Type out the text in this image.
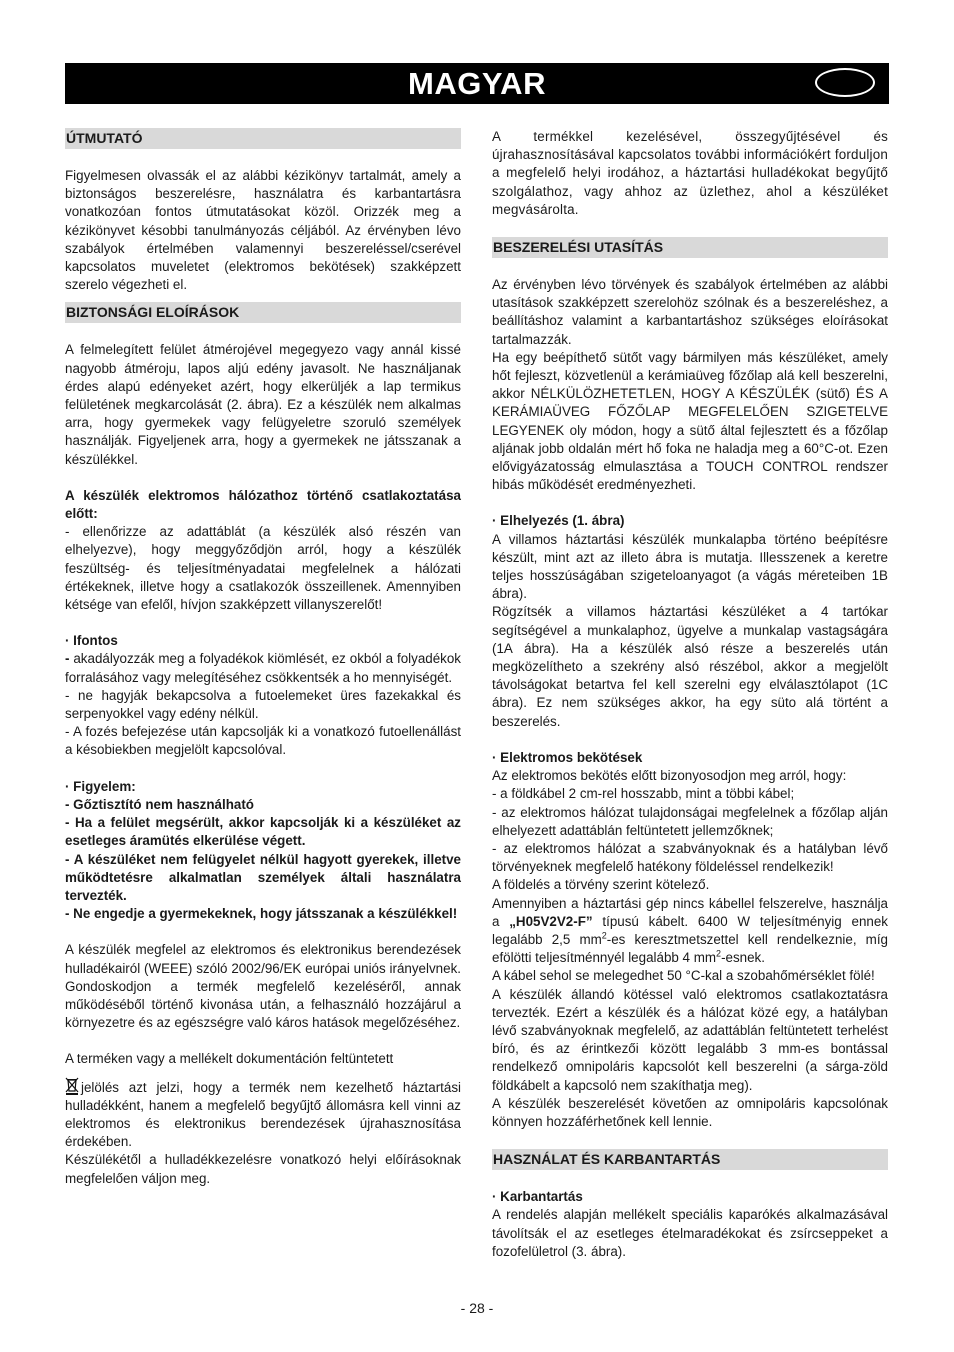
MAGYAR
ÚTMUTATÓ

Figyelmesen olvassák el az alábbi kézikönyv tartalmát, amely a biztonságos beszerelésre, használatra és karbantartásra vonatkozóan fontos útmutatásokat közöl. Orizzék meg a kézikönyvet késobbi tanulmányozás céljából. Az érvényben lévo szabályok értelmében valamennyi beszereléssel/cserével kapcsolatos muveletet (elektromos bekötések) szakképzett szerelo végezheti el.

BIZTONSÁGI ELOÍRÁSOK

A felmelegített felület átmérojével megegyezo vagy annál kissé nagyobb átméroju, lapos aljú edény javasolt. Ne használjanak érdes alapú edényeket azért, hogy elkerüljék a lap termikus felületének megkarcolását (2. ábra). Ez a készülék nem alkalmas arra, hogy gyermekek vagy felügyeletre szoruló személyek használják. Figyeljenek arra, hogy a gyermekek ne játsszanak a készülékkel.

A készülék elektromos hálózathoz történő csatlakoztatása előtt:

- ellenőrizze az adattáblát (a készülék alsó részén van elhelyezve), hogy meggyőződjön arról, hogy a készülék feszültség- és teljesítményadatai megfelelnek a hálózati értékeknek, illetve hogy a csatlakozók összeillenek. Amennyiben kétsége van efelől, hívjon szakképzett villanyszerelőt!

· Ifontos

- akadályozzák meg a folyadékok kiömlését, ez okból a folyadékok forralásához vagy melegítéséhez csökkentsék a ho mennyiségét.

- ne hagyják bekapcsolva a futoelemeket üres fazekakkal és serpenyokkel vagy edény nélkül.

- A fozés befejezése után kapcsolják ki a vonatkozó futoellenállást a késobiekben megjelölt kapcsolóval.

· Figyelem:

- Gőztisztító nem használható

- Ha a felület megsérült, akkor kapcsolják ki a készüléket az esetleges áramütés elkerülése végett.

- A készüléket nem felügyelet nélkül hagyott gyerekek, illetve működtetésre alkalmatlan személyek általi használatra tervezték.

- Ne engedje a gyermekeknek, hogy játsszanak a készülékkel!

A készülék megfelel az elektromos és elektronikus berendezések hulladékairól (WEEE) szóló 2002/96/EK európai uniós irányelvnek. Gondoskodjon a termék megfelelő kezeléséről, annak működéséből történő kivonása után, a felhasználó hozzájárul a környezetre és az egészségre való káros hatások megelőzéséhez.

A terméken vagy a mellékelt dokumentáción feltüntetett

jelölés azt jelzi, hogy a termék nem kezelhető háztartási hulladékként, hanem a megfelelő begyűjtő állomásra kell vinni az elektromos és elektronikus berendezések újrahasznosítása érdekében.

Készülékétől a hulladékkezelésre vonatkozó helyi előírásoknak megfelelően váljon meg.

A termékkel kezelésével, összegyűjtésével és újrahasznosításával kapcsolatos további információkért forduljon a megfelelő helyi irodához, a háztartási hulladékokat begyűjtő szolgálathoz, vagy ahhoz az üzlethez, ahol a készüléket megvásárolta.

BESZERELÉSI UTASÍTÁS

Az érvényben lévo törvények és szabályok értelmében az alábbi utasítások szakképzett szerelohöz szólnak és a beszereléshez, a beállításhoz valamint a karbantartáshoz szükséges eloírásokat tartalmazzák.

Ha egy beépíthető sütőt vagy bármilyen más készüléket, amely hőt fejleszt, közvetlenül a kerámiaüveg főzőlap alá kell beszerelni, akkor NÉLKÜLÖZHETETLEN, HOGY A KÉSZÜLÉK (sütő) ÉS A KERÁMIAÜVEG FŐZŐLAP MEGFELELŐEN SZIGETELVE LEGYENEK oly módon, hogy a sütő által fejlesztett és a főzőlap aljának jobb oldalán mért hő foka ne haladja meg a 60°C-ot. Ezen elővigyázatosság elmulasztása a TOUCH CONTROL rendszer hibás működését eredményezheti.

· Elhelyezés (1. ábra)

A villamos háztartási készülék munkalapba történo beépítésre készült, mint azt az illeto ábra is mutatja. Illesszenek a keretre teljes hosszúságában szigeteloanyagot (a vágás méreteiben 1B ábra).

Rögzítsék a villamos háztartási készüléket a 4 tartókar segítségével a munkalaphoz, ügyelve a munkalap vastagságára (1A ábra). Ha a készülék alsó része a beszerelés után megközelítheto a szekrény alsó részébol, akkor a megjelölt távolságokat betartva fel kell szerelni egy elválasztólapot (1C ábra). Ez nem szükséges akkor, ha egy süto alá történt a beszerelés.

· Elektromos bekötések

Az elektromos bekötés előtt bizonyosodjon meg arról, hogy:

- a földkábel 2 cm-rel hosszabb, mint a többi kábel;

- az elektromos hálózat tulajdonságai megfelelnek a főzőlap alján elhelyezett adattáblán feltüntetett jellemzőknek;

- az elektromos hálózat a szabványoknak és a hatályban lévő törvényeknek megfelelő hatékony földeléssel rendelkezik!

A földelés a törvény szerint kötelező.

Amennyiben a háztartási gép nincs kábellel felszerelve, használja a „H05V2V2-F” típusú kábelt. 6400 W teljesítményig ennek legalább 2,5 $mm^2-es$ keresztmetszettel kell rendelkeznie, míg efölötti teljesítménnyél legalább 4 $mm^2$-esnek.

A kábel sehol se melegedhet 50 °C-kal a szobahőmérséklet fölé!

A készülék állandó kötéssel való elektromos csatlakoztatásra tervezték. Ezért a készülék és a hálózat közé egy, a hatályban lévő szabványoknak megfelelő, az adattáblán feltüntetett terhelést bíró, és az érintkezői között legalább 3 mm-es bontással rendelkező omnipoláris kapcsolót kell beszerelni (a sárga-zöld földkábelt a kapcsoló nem szakíthatja meg).

A készülék beszerelését követően az omnipoláris kapcsolónak könnyen hozzáférhetőnek kell lennie.

HASZNÁLAT ÉS KARBANTARTÁS

· Karbantartás

A rendelés alapján mellékelt speciális kaparókés alkalmazásával távolítsák el az esetleges ételmaradékokat és zsírcseppeket a fozofelületrol (3. ábra).

- 28 -
